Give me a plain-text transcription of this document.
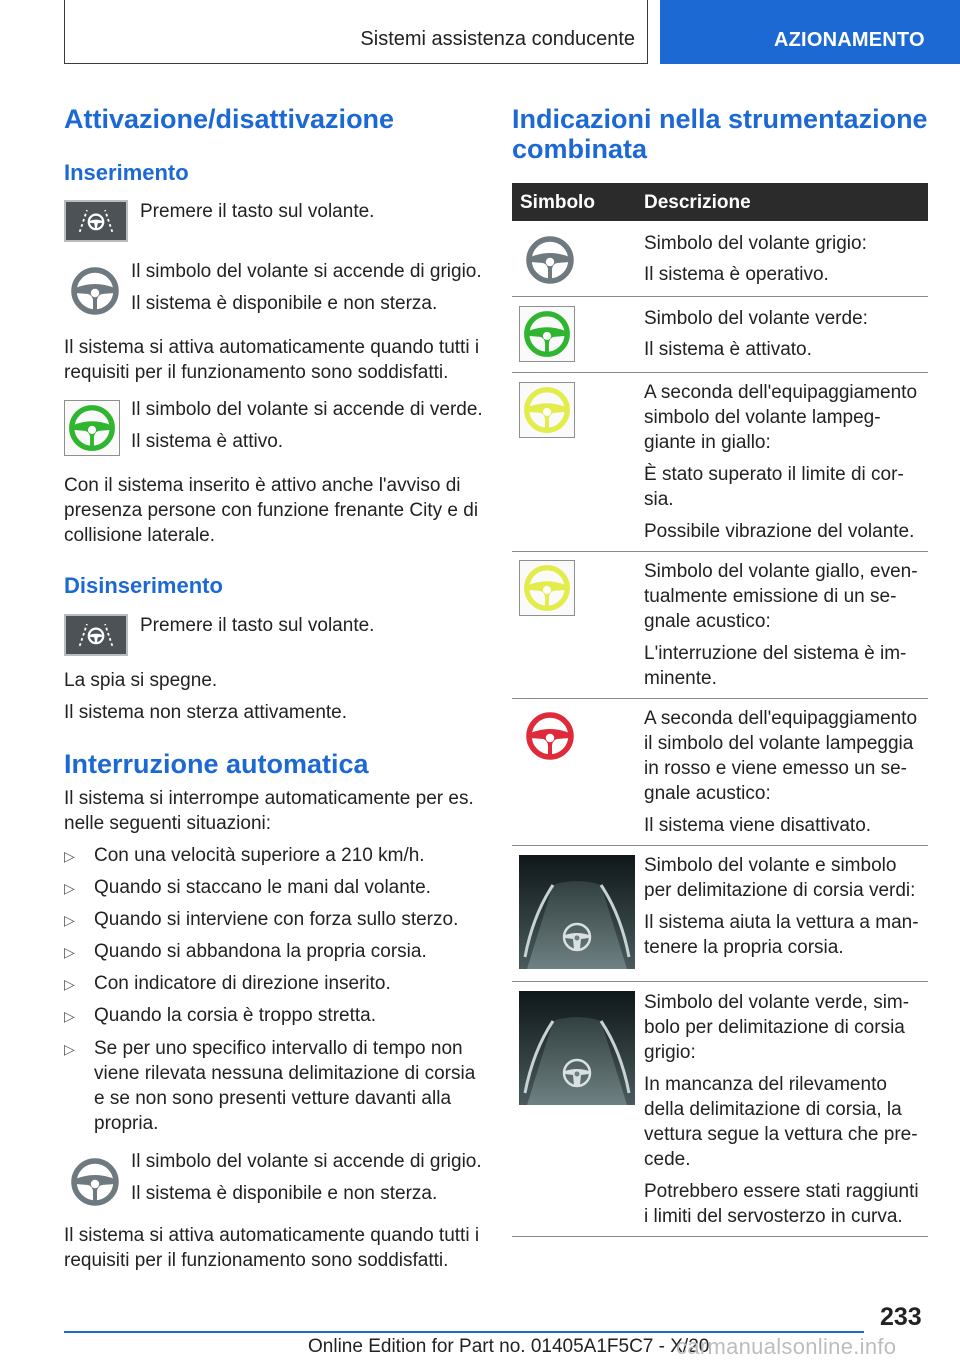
Sistemi assistenza conducente	AZIONAMENTO
Attivazione/disattivazione
Inserimento
Premere il tasto sul volante.
Il simbolo del volante si accende di grigio.
Il sistema è disponibile e non sterza.
Il sistema si attiva automaticamente quando tutti i
requisiti per il funzionamento sono soddisfatti.
Il simbolo del volante si accende di verde.
Il sistema è attivo.
Con il sistema inserito è attivo anche l'avviso di
presenza persone con funzione frenante City e di
collisione laterale.
Disinserimento
Premere il tasto sul volante.
La spia si spegne.
Il sistema non sterza attivamente.
Interruzione automatica
Il sistema si interrompe automaticamente per es.
nelle seguenti situazioni:
▷ Con una velocità superiore a 210 km/h.
▷ Quando si staccano le mani dal volante.
▷ Quando si interviene con forza sullo sterzo.
▷ Quando si abbandona la propria corsia.
▷ Con indicatore di direzione inserito.
▷ Quando la corsia è troppo stretta.
▷ Se per uno specifico intervallo di tempo non
viene rilevata nessuna delimitazione di corsia
e se non sono presenti vetture davanti alla
propria.
Il simbolo del volante si accende di grigio.
Il sistema è disponibile e non sterza.
Il sistema si attiva automaticamente quando tutti i
requisiti per il funzionamento sono soddisfatti.
Indicazioni nella strumentazione
combinata
Simbolo	Descrizione
Simbolo del volante grigio:
Il sistema è operativo.
Simbolo del volante verde:
Il sistema è attivato.
A seconda dell'equipaggiamento
simbolo del volante lampeg-
giante in giallo:
È stato superato il limite di cor-
sia.
Possibile vibrazione del volante.
Simbolo del volante giallo, even-
tualmente emissione di un se-
gnale acustico:
L'interruzione del sistema è im-
minente.
A seconda dell'equipaggiamento
il simbolo del volante lampeggia
in rosso e viene emesso un se-
gnale acustico:
Il sistema viene disattivato.
Simbolo del volante e simbolo
per delimitazione di corsia verdi:
Il sistema aiuta la vettura a man-
tenere la propria corsia.
Simbolo del volante verde, sim-
bolo per delimitazione di corsia
grigio:
In mancanza del rilevamento
della delimitazione di corsia, la
vettura segue la vettura che pre-
cede.
Potrebbero essere stati raggiunti
i limiti del servosterzo in curva.
233
Online Edition for Part no. 01405A1F5C7 - X/20
carmanualsonline.info
